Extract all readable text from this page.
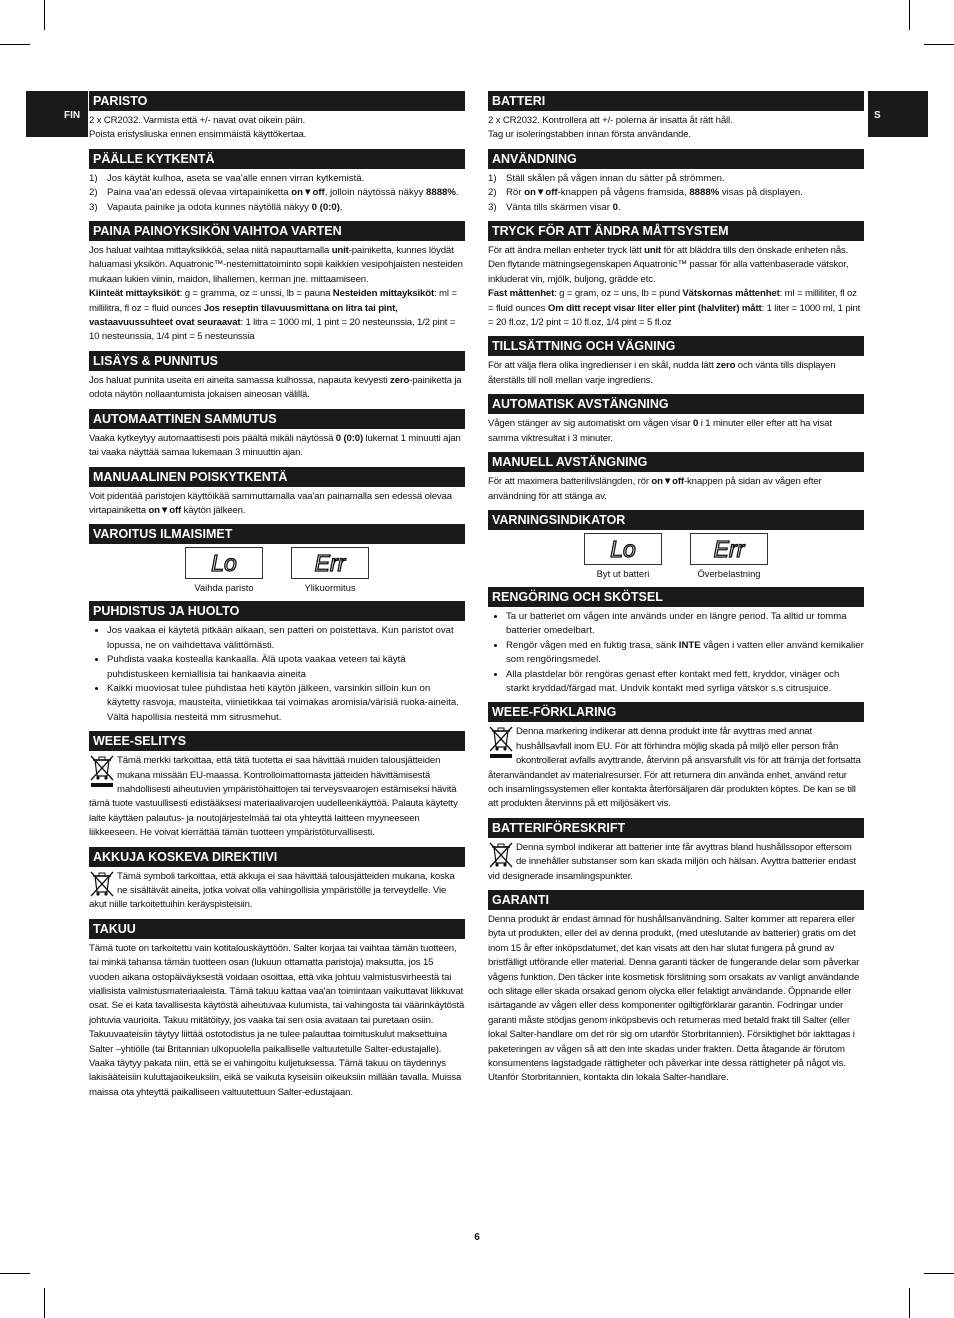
FIN	S
PARISTO

2 x CR2032. Varmista että +/- navat ovat oikein päin.
Poista eristysliuska ennen ensimmäistä käyttökertaa.

PÄÄLLE KYTKENTÄ
1) Jos käytät kulhoa, aseta se vaa'alle ennen virran kytkemistä.
2) Paina vaa'an edessä olevaa virtapainiketta on▼off, jolloin näytössä näkyy 8888%.
3) Vapauta painike ja odota kunnes näytöllä näkyy 0 (0:0).
PAINA PAINOYKSIKÖN VAIHTOA VARTEN

Jos haluat vaihtaa mittayksikköä, selaa niitä napauttamalla unit-painiketta, kunnes löydät haluamasi yksikön. Aquatronic™-nestemittatoiminto sopii kaikkien vesipohjaisten nesteiden mukaan lukien viinin, maidon, lihaliemen, kerman jne. mittaamiseen.
Kiinteät mittayksiköt: g = gramma, oz = unssi, lb = pauna Nesteiden mittayksiköt: ml = millilitra, fl oz = fluid ounces Jos reseptin tilavuusmittana on litra tai pint, vastaavuussuhteet ovat seuraavat: 1 litra = 1000 ml, 1 pint = 20 nesteunssia, 1/2 pint = 10 nesteunssia, 1/4 pint = 5 nesteunssia

LISÄYS & PUNNITUS

Jos haluat punnita useita eri aineita samassa kulhossa, napauta kevyesti zero-painiketta ja odota näytön nollaantumista jokaisen aineosan välillä.

AUTOMAATTINEN SAMMUTUS

Vaaka kytkeytyy automaattisesti pois päältä mikäli näytössä 0 (0:0) lukemat 1 minuutti ajan tai vaaka näyttää samaa lukemaan 3 minuuttin ajan.

MANUAALINEN POISKYTKENTÄ

Voit pidentää paristojen käyttöikää sammuttamalla vaa'an painamalla sen edessä olevaa virtapainiketta on▼off käytön jälkeen.

VAROITUS ILMAISIMET
Lo
Vaihda paristo
Err
Ylikuormitus
PUHDISTUS JA HUOLTO
• Jos vaakaa ei käytetä pitkään aikaan, sen patteri on poistettava. Kun paristot ovat lopussa, ne on vaihdettava välittömästi.
• Puhdista vaaka kostealla kankaalla. Älä upota vaakaa veteen tai käytä puhdistuskeen kemiallisia tai hankaavia aineita
• Kaikki muoviosat tulee puhdistaa heti käytön jälkeen, varsinkin silloin kun on käytetty rasvoja, mausteita, viinietikkaa tai voimakas aromisia/värisiä ruoka-aineita. Vältä hapollisia nesteitä mm sitrusmehut.
WEEE-SELITYS

Tämä merkki tarkoittaa, että tätä tuotetta ei saa hävittää muiden talousjätteiden mukana missään EU-maassa. Kontrolloimattomasta jätteiden hävittämisestä mahdollisesti aiheutuvien ympäristöhaittojen tai terveysvaarojen estämiseksi hävitä tämä tuote vastuullisesti edistääksesi materiaalivarojen uudelleenkäyttöä. Palauta käytetty laite käyttäen palautus- ja noutojärjestelmää tai ota yhteyttä laitteen myyneeseen liikkeeseen. He voivat kierrättää tämän tuotteen ympäristöturvallisesti.

AKKUJA KOSKEVA DIREKTIIVI

Tämä symboli tarkoittaa, että akkuja ei saa hävittää talousjätteiden mukana, koska ne sisältävät aineita, jotka voivat olla vahingollisia ympäristölle ja terveydelle. Vie akut niille tarkoitettuihin keräyspisteisiin.

TAKUU

Tämä tuote on tarkoitettu vain kotitalouskäyttöön. Salter korjaa tai vaihtaa tämän tuotteen, tai minkä tahansa tämän tuotteen osan (lukuun ottamatta paristoja) maksutta, jos 15 vuoden aikana ostopäiväyksestä voidaan osoittaa, että vika johtuu valmistusvirheestä tai viallisista valmistusmateriaaleista. Tämä takuu kattaa vaa'an toimintaan vaikuttavat liikkuvat osat. Se ei kata tavallisesta käytöstä aiheutuvaa kulumista, tai vahingosta tai väärinkäytöstä johtuvia vaurioita. Takuu mitätöityy, jos vaaka tai sen osia avataan tai puretaan osiin. Takuuvaateisiin täytyy liittää ostotodistus ja ne tulee palauttaa toimituskulut maksettuina Salter –yhtiölle (tai Britannian ulkopuolella paikalliselle valtuutetulle Salter-edustajalle). Vaaka täytyy pakata niin, että se ei vahingoitu kuljetuksessa. Tämä takuu on täydennys lakisääteisiin kuluttajaoikeuksiin, eikä se vaikuta kyseisiin oikeuksiin millään tavalla. Muissa maissa ota yhteyttä paikalliseen valtuutettuun Salter-edustajaan.

BATTERI

2 x CR2032. Kontrollera att +/- polerna är insatta åt rätt håll.
Tag ur isoleringstabben innan första användande.

ANVÄNDNING
1) Ställ skålen på vågen innan du sätter på strömmen.
2) Rör on▼off-knappen på vågens framsida, 8888% visas på displayen.
3) Vänta tills skärmen visar 0.
TRYCK FÖR ATT ÄNDRA MÅTTSYSTEM

För att ändra mellan enheter tryck lätt unit för att bläddra tills den önskade enheten nås. Den flytande mätningsegenskapen Aquatronic™ passar för alla vattenbaserade vätskor, inkluderat vin, mjölk, buljong, grädde etc.
Fast måttenhet: g = gram, oz = uns, lb = pund Vätskornas måttenhet: ml = milliliter, fl oz = fluid ounces Om ditt recept visar liter eller pint (halvliter) mått: 1 liter = 1000 ml, 1 pint = 20 fl.oz, 1/2 pint = 10 fl.oz, 1/4 pint = 5 fl.oz

TILLSÄTTNING OCH VÄGNING

För att välja flera olika ingredienser i en skål, nudda lätt zero och vänta tills displayen återställs till noll mellan varje ingrediens.

AUTOMATISK AVSTÄNGNING

Vågen stänger av sig automatiskt om vågen visar 0 i 1 minuter eller efter att ha visat samma viktresultat i 3 minuter.

MANUELL AVSTÄNGNING

För att maximera batterilivslängden, rör on▼off-knappen på sidan av vågen efter användning för att stänga av.

VARNINGSINDIKATOR
Lo
Byt ut batteri
Err
Överbelastning
RENGÖRING OCH SKÖTSEL
• Ta ur batteriet om vågen inte används under en längre period. Ta alltid ur tomma batterier omedelbart.
• Rengör vågen med en fuktig trasa, sänk INTE vågen i vatten eller använd kemikalier som rengöringsmedel.
• Alla plastdelar bör rengöras genast efter kontakt med fett, kryddor, vinäger och starkt kryddad/färgad mat. Undvik kontakt med syrliga vätskor s.s citrusjuice.
WEEE-FÖRKLARING

Denna markering indikerar att denna produkt inte får avyttras med annat hushållsavfall inom EU. För att förhindra möjlig skada på miljö eller person från okontrollerat avfalls avyttrande, återvinn på ansvarsfullt vis för att främja det fortsatta återanvändandet av materialresurser. För att returnera din använda enhet, använd retur och insamlingssystemen eller kontakta återförsäljaren där produkten köptes. De kan se till att produkten återvinns på ett miljösäkert vis.

BATTERIFÖRESKRIFT

Denna symbol indikerar att batterier inte får avyttras bland hushållssopor eftersom de innehåller substanser som kan skada miljön och hälsan. Avyttra batterier endast vid designerade insamlingspunkter.

GARANTI

Denna produkt är endast ämnad för hushållsanvändning. Salter kommer att reparera eller byta ut produkten, eller del av denna produkt, (med uteslutande av batterier) gratis om det inom 15 år efter inköpsdatumet, det kan visats att den har slutat fungera på grund av bristfälligt utförande eller material. Denna garanti täcker de fungerande delar som påverkar vågens funktion. Den täcker inte kosmetisk förslitning som orsakats av vanligt användande och slitage eller skada orsakad genom olycka eller felaktigt användande. Öppnande eller isärtagande av vågen eller dess komponenter ogiltigförklarar garantin. Fodringar under garanti måste stödjas genom inköpsbevis och returneras med betald frakt till Salter (eller lokal Salter-handlare om det rör sig om utanför Storbritannien). Försiktighet bör iakttagas i paketeringen av vågen så att den inte skadas under frakten. Detta åtagande är förutom konsumentens lagstadgade rättigheter och påverkar inte dessa rättigheter på något vis. Utanför Storbritannien, kontakta din lokala Salter-handlare.

6
